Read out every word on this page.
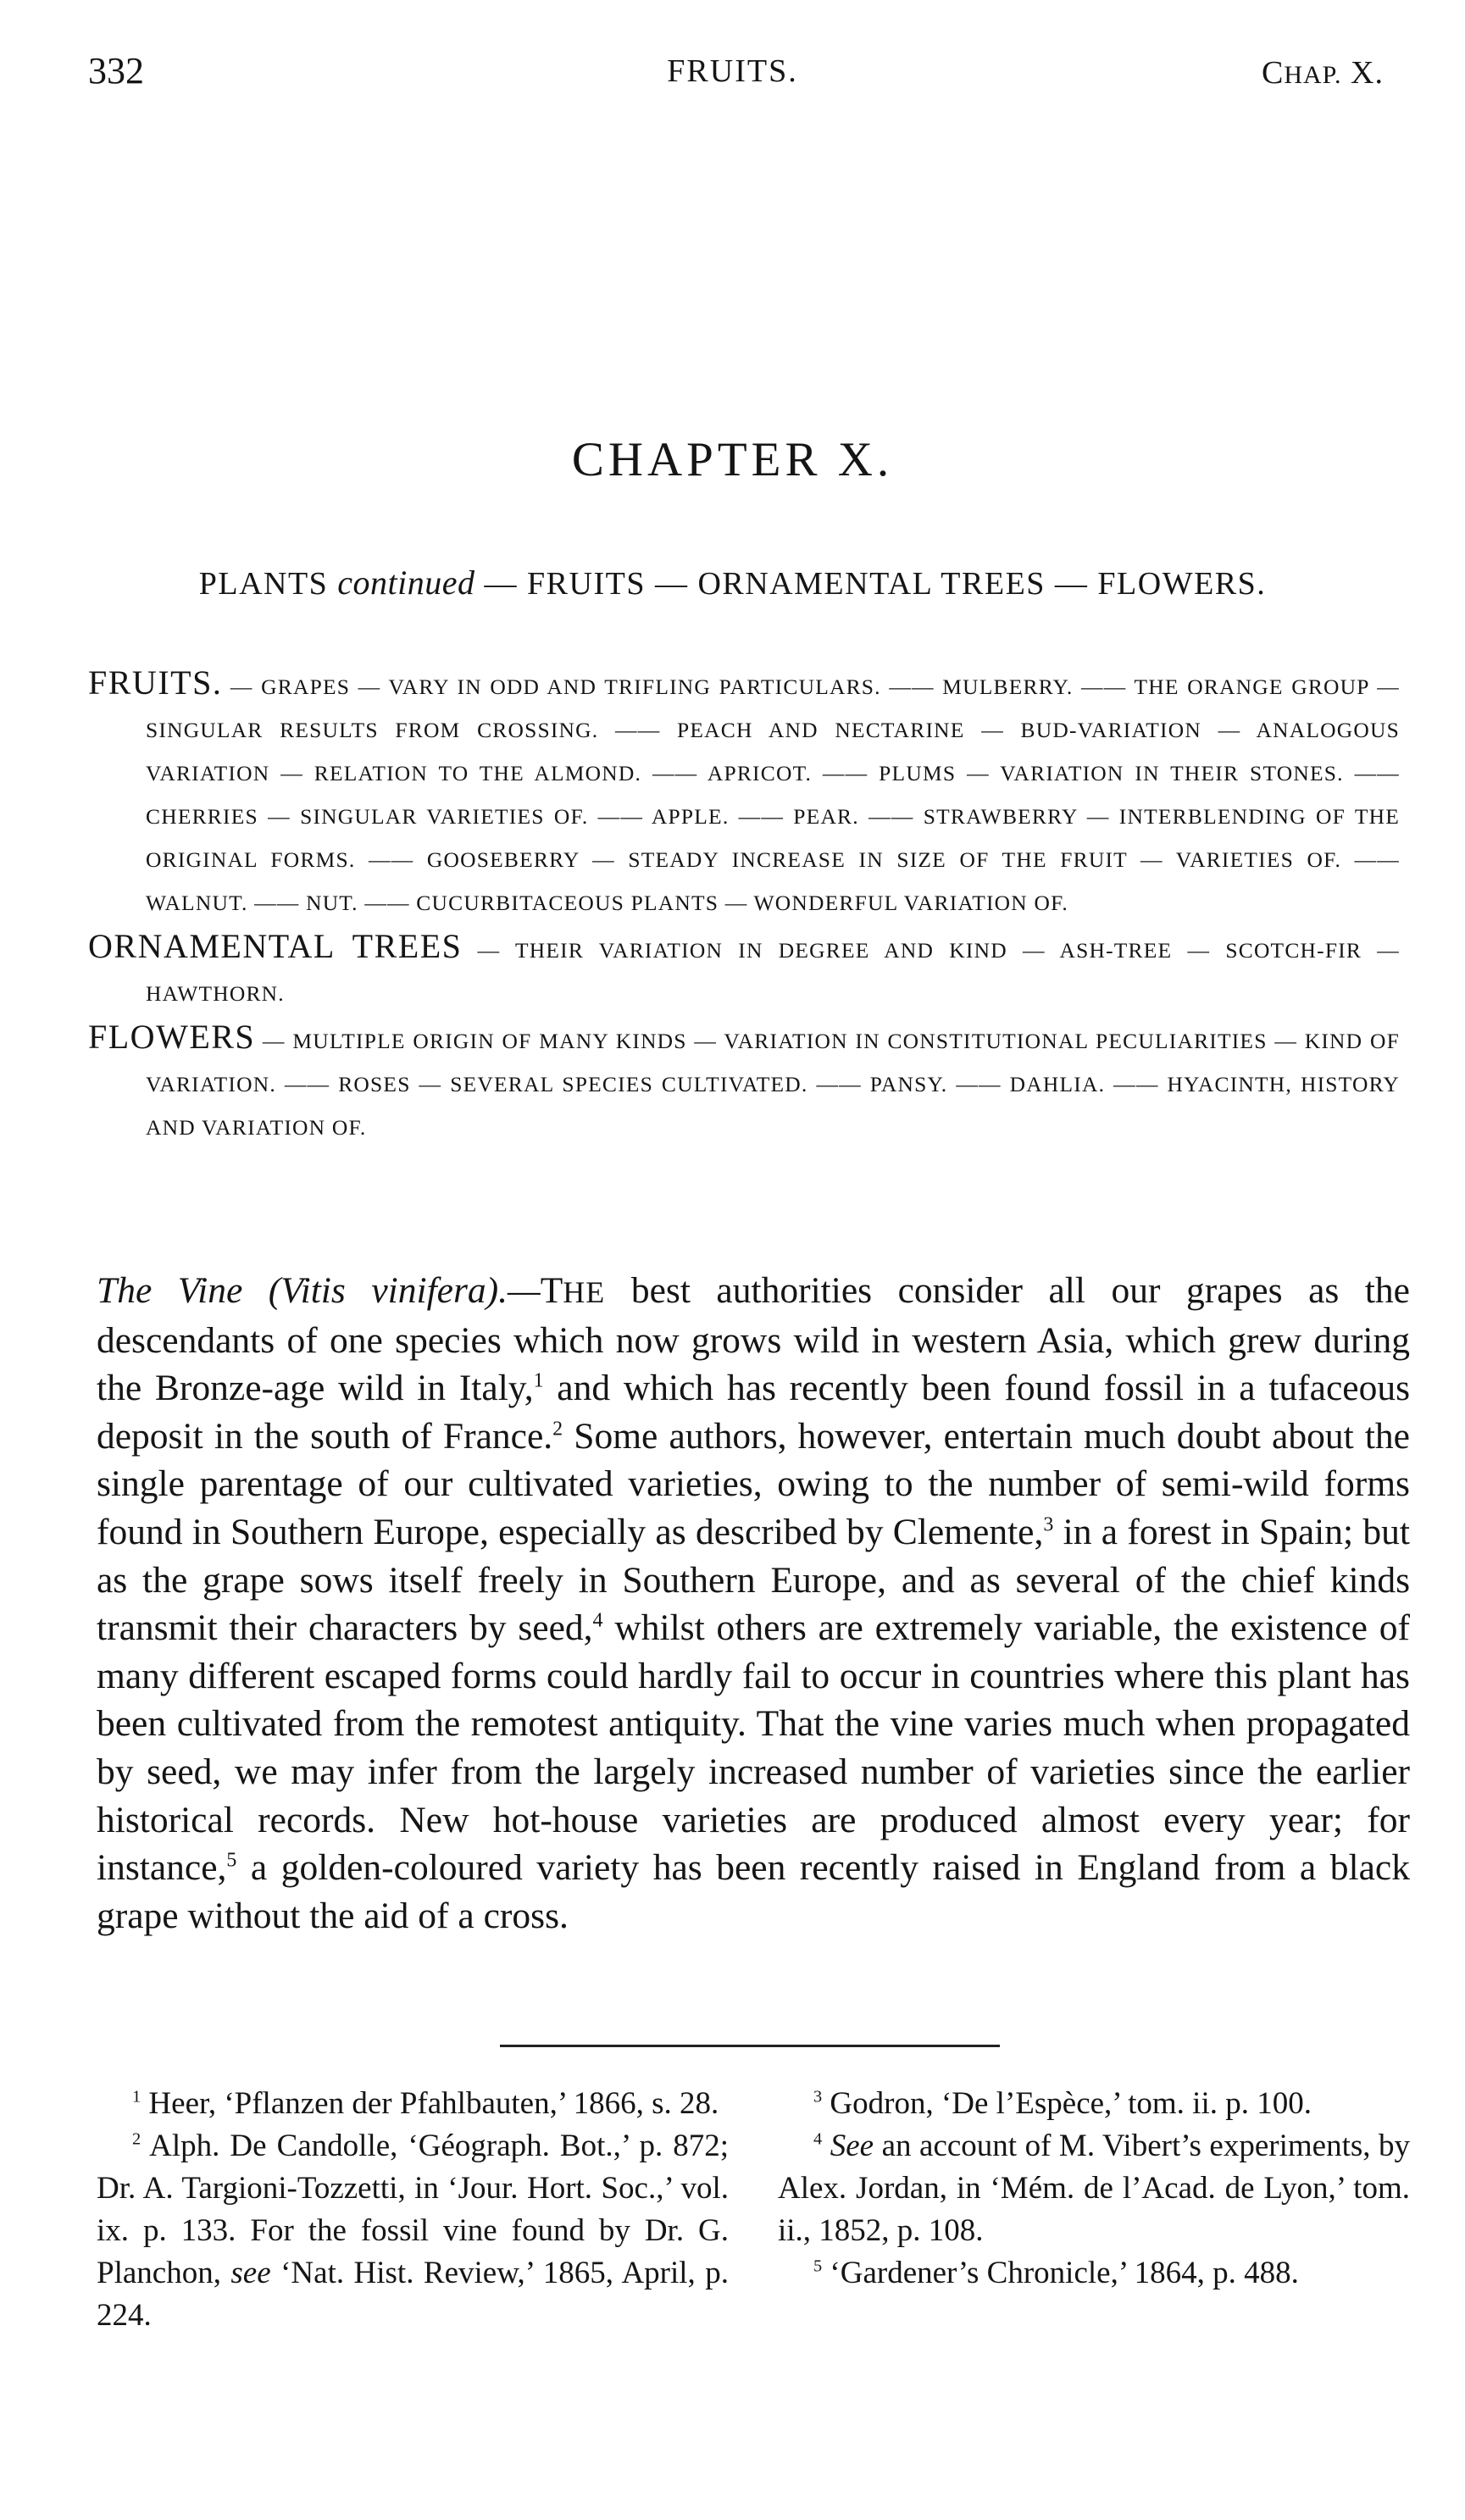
332	FRUITS.	CHAP. X.
CHAPTER X.
PLANTS continued — FRUITS — ORNAMENTAL TREES — FLOWERS.

FRUITS. — GRAPES — VARY IN ODD AND TRIFLING PARTICULARS. —— MULBERRY. —— THE ORANGE GROUP — SINGULAR RESULTS FROM CROSSING. —— PEACH AND NECTARINE — BUD-VARIATION — ANALOGOUS VARIATION — RELATION TO THE ALMOND. —— APRICOT. —— PLUMS — VARIATION IN THEIR STONES. —— CHERRIES — SINGULAR VARIETIES OF. —— APPLE. —— PEAR. —— STRAWBERRY — INTERBLENDING OF THE ORIGINAL FORMS. —— GOOSEBERRY — STEADY INCREASE IN SIZE OF THE FRUIT — VARIETIES OF. —— WALNUT. —— NUT. —— CUCURBITACEOUS PLANTS — WONDERFUL VARIATION OF.

ORNAMENTAL TREES — THEIR VARIATION IN DEGREE AND KIND — ASH-TREE — SCOTCH-FIR — HAWTHORN.

FLOWERS — MULTIPLE ORIGIN OF MANY KINDS — VARIATION IN CONSTITUTIONAL PECULIARITIES — KIND OF VARIATION. —— ROSES — SEVERAL SPECIES CULTIVATED. —— PANSY. —— DAHLIA. —— HYACINTH, HISTORY AND VARIATION OF.

The Vine (Vitis vinifera).—THE best authorities consider all our grapes as the descendants of one species which now grows wild in western Asia, which grew during the Bronze-age wild in Italy,$^1$ and which has recently been found fossil in a tufaceous deposit in the south of France.$^2$ Some authors, however, entertain much doubt about the single parentage of our cultivated varieties, owing to the number of semi-wild forms found in Southern Europe, especially as described by Clemente,$^3$ in a forest in Spain; but as the grape sows itself freely in Southern Europe, and as several of the chief kinds transmit their characters by seed,$^4$ whilst others are extremely variable, the existence of many different escaped forms could hardly fail to occur in countries where this plant has been cultivated from the remotest antiquity. That the vine varies much when propagated by seed, we may infer from the largely increased number of varieties since the earlier historical records. New hot-house varieties are produced almost every year; for instance,$^5$ a golden-coloured variety has been recently raised in England from a black grape without the aid of a cross.

$^1$ Heer, ‘Pflanzen der Pfahlbauten,’ 1866, s. 28.

$^2$ Alph. De Candolle, ‘Géograph. Bot.,’ p. 872; Dr. A. Targioni-Tozzetti, in ‘Jour. Hort. Soc.,’ vol. ix. p. 133. For the fossil vine found by Dr. G. Planchon, see ‘Nat. Hist. Review,’ 1865, April, p. 224.

$^3$ Godron, ‘De l’Espèce,’ tom. ii. p. 100.

$^4$ See an account of M. Vibert’s experiments, by Alex. Jordan, in ‘Mém. de l’Acad. de Lyon,’ tom. ii., 1852, p. 108.

$^5$ ‘Gardener’s Chronicle,’ 1864, p. 488.
